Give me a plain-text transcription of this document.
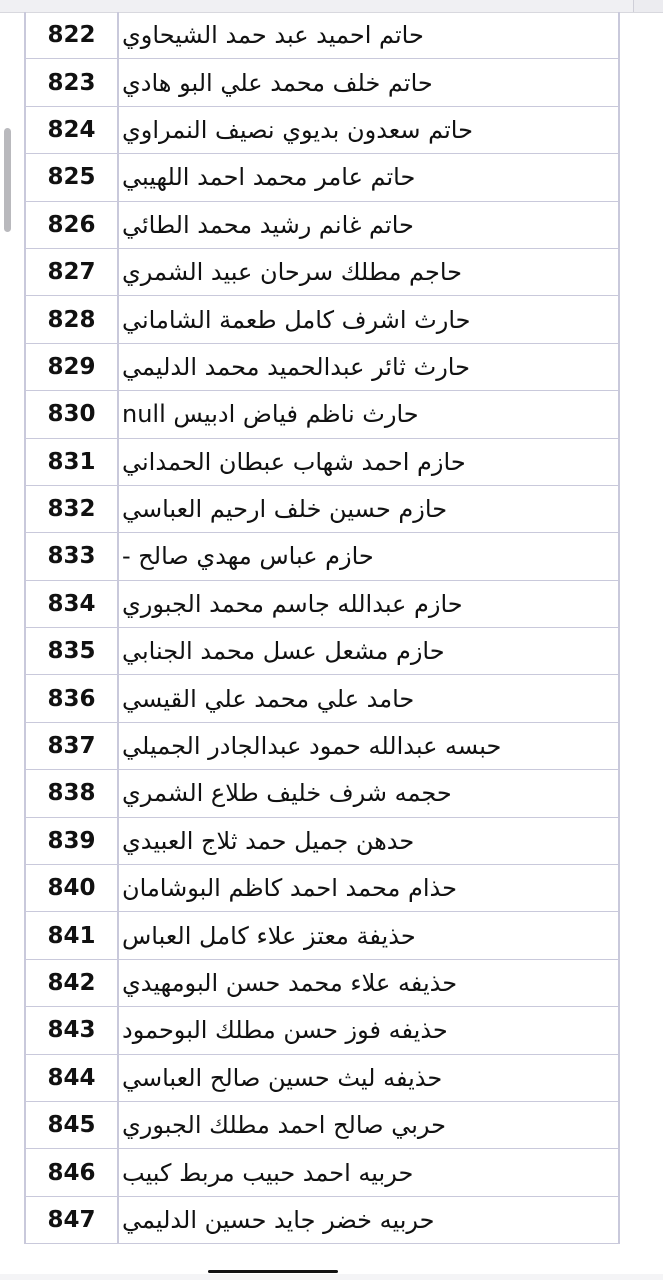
822	حاتم احميد عبد حمد الشيحاوي
823	حاتم خلف محمد علي البو هادي
824	حاتم سعدون بديوي نصيف النمراوي
825	حاتم عامر محمد احمد اللهيبي
826	حاتم غانم رشيد محمد الطائي
827	حاجم مطلك سرحان عبيد الشمري
828	حارث اشرف كامل طعمة الشاماني
829	حارث ثائر عبدالحميد محمد الدليمي
830	حارث ناظم فياض ادبيس null
831	حازم احمد شهاب عبطان الحمداني
832	حازم حسين خلف ارحيم العباسي
833	حازم عباس مهدي صالح -
834	حازم عبدالله جاسم محمد الجبوري
835	حازم مشعل عسل محمد الجنابي
836	حامد علي محمد علي القيسي
837	حبسه عبدالله حمود عبدالجادر الجميلي
838	حجمه شرف خليف طلاع الشمري
839	حدهن جميل حمد ثلاج العبيدي
840	حذام محمد احمد كاظم البوشامان
841	حذيفة معتز علاء كامل العباس
842	حذيفه علاء محمد حسن البومهيدي
843	حذيفه فوز حسن مطلك البوحمود
844	حذيفه ليث حسين صالح العباسي
845	حربي صالح احمد مطلك الجبوري
846	حربيه احمد حبيب مربط كبيب
847	حربيه خضر جايد حسين الدليمي
